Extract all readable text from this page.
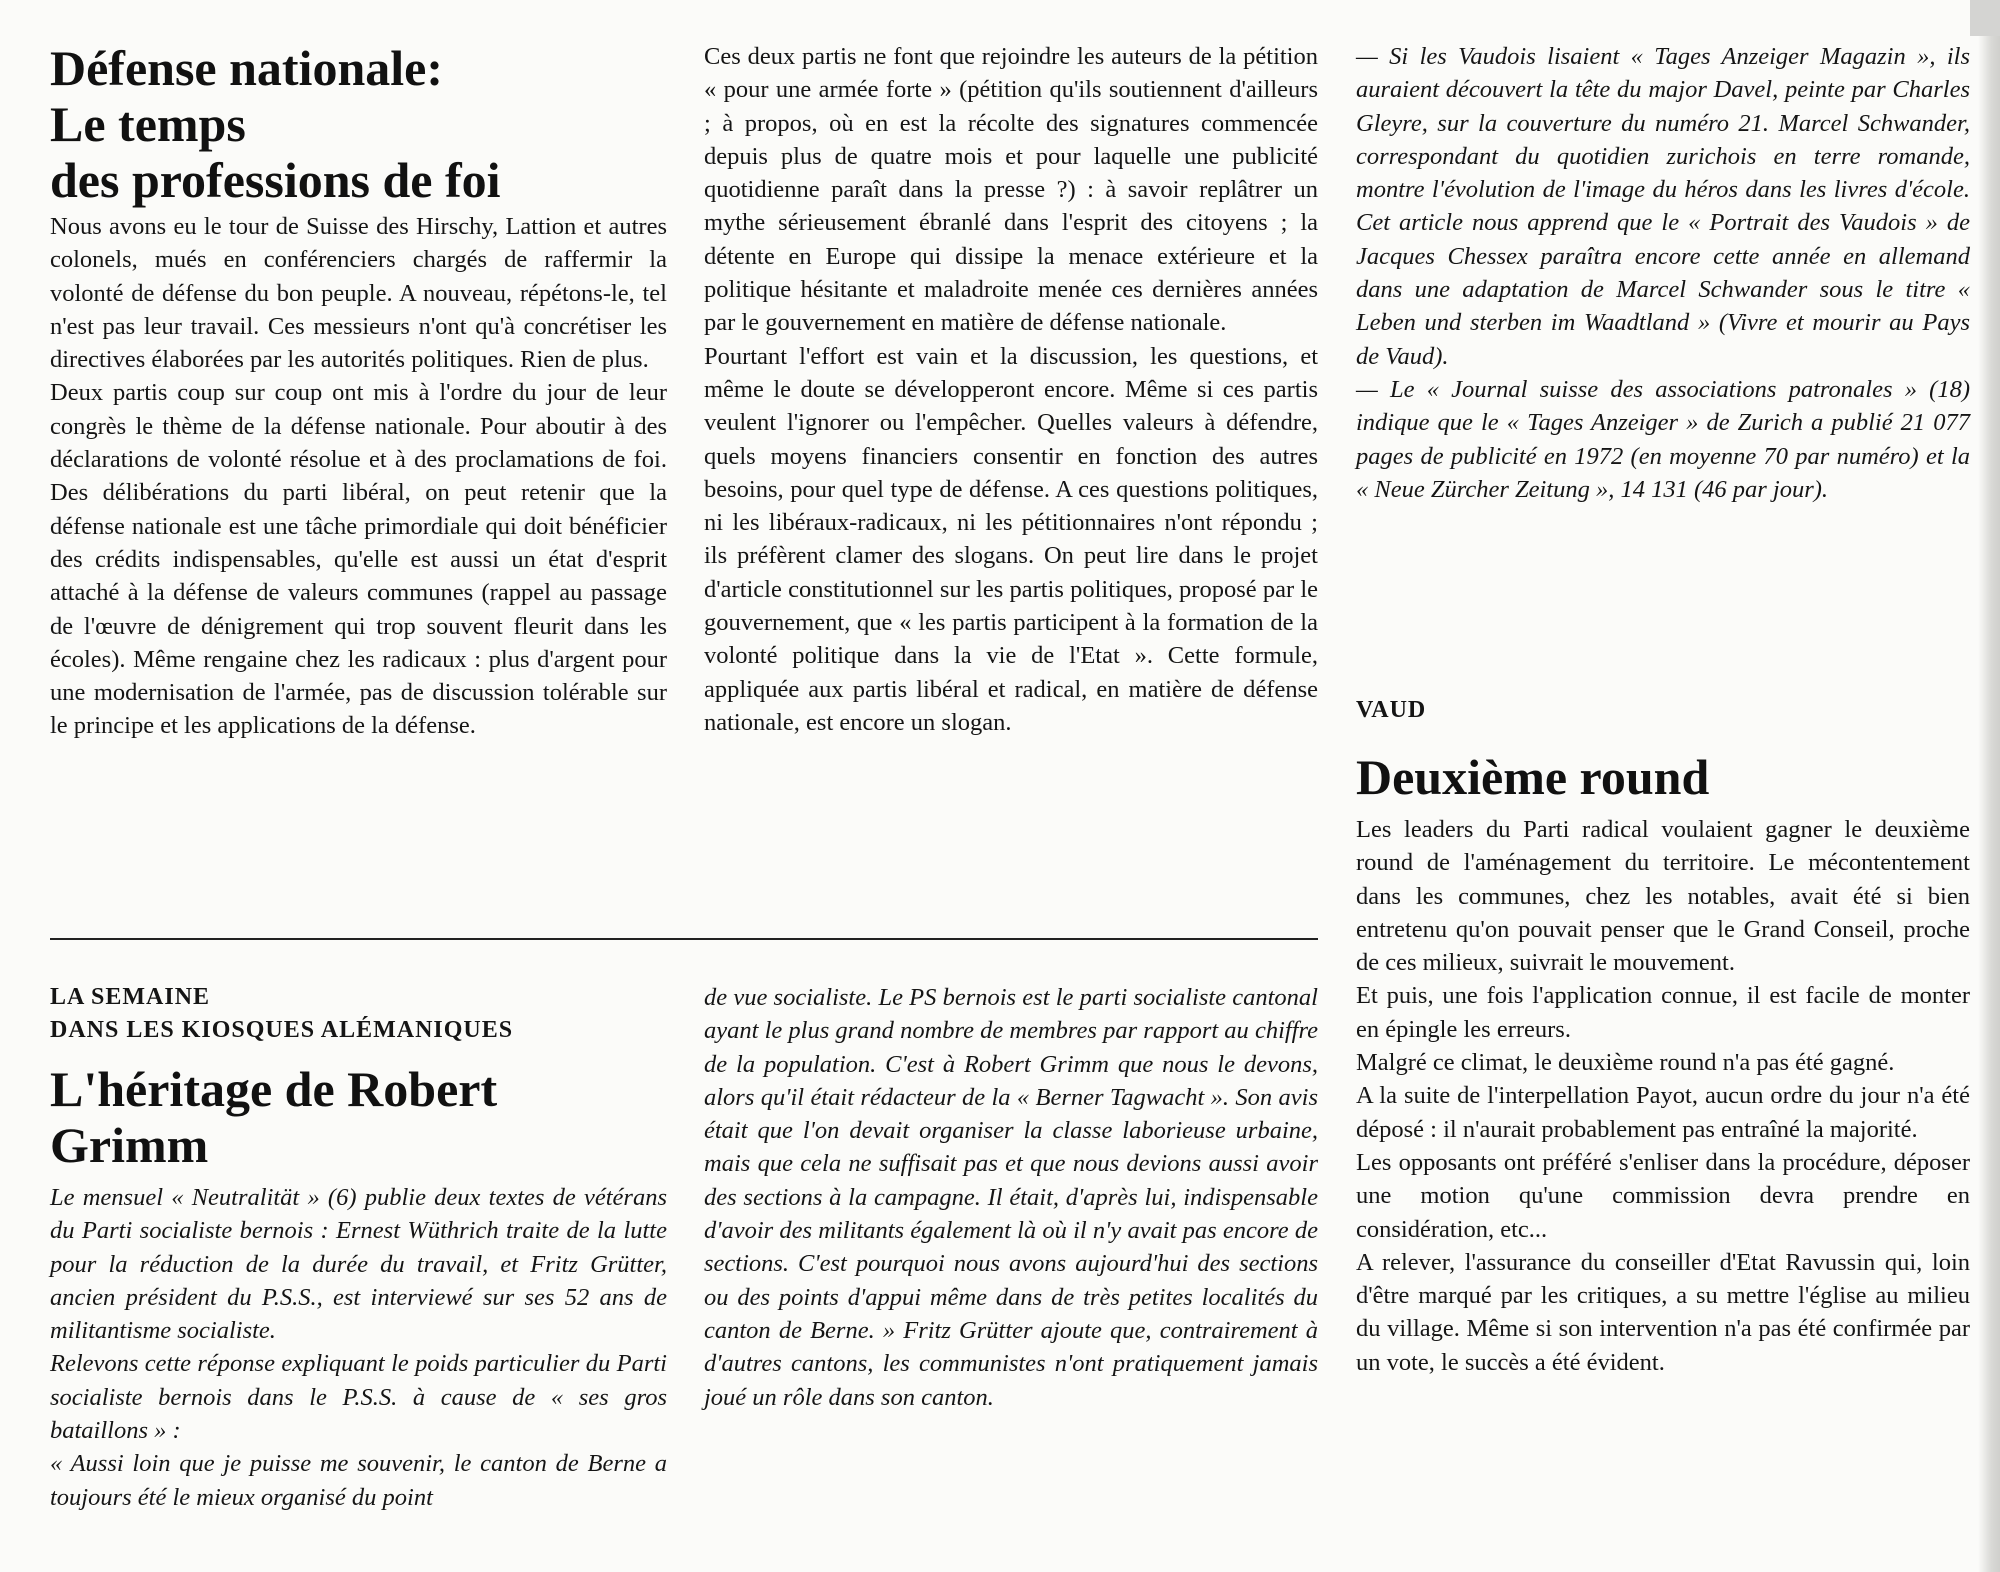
Défense nationale:
Le temps
des professions de foi

Nous avons eu le tour de Suisse des Hirschy, Lattion et autres colonels, mués en conférenciers chargés de raffermir la volonté de défense du bon peuple. A nouveau, répétons-le, tel n'est pas leur travail. Ces messieurs n'ont qu'à concrétiser les directives élaborées par les autorités politiques. Rien de plus.

Deux partis coup sur coup ont mis à l'ordre du jour de leur congrès le thème de la défense nationale. Pour aboutir à des déclarations de volonté résolue et à des proclamations de foi. Des délibérations du parti libéral, on peut retenir que la défense nationale est une tâche primordiale qui doit bénéficier des crédits indispensables, qu'elle est aussi un état d'esprit attaché à la défense de valeurs communes (rappel au passage de l'œuvre de dénigrement qui trop souvent fleurit dans les écoles). Même rengaine chez les radicaux : plus d'argent pour une modernisation de l'armée, pas de discussion tolérable sur le principe et les applications de la défense.

Ces deux partis ne font que rejoindre les auteurs de la pétition « pour une armée forte » (pétition qu'ils soutiennent d'ailleurs ; à propos, où en est la récolte des signatures commencée depuis plus de quatre mois et pour laquelle une publicité quotidienne paraît dans la presse ?) : à savoir replâtrer un mythe sérieusement ébranlé dans l'esprit des citoyens ; la détente en Europe qui dissipe la menace extérieure et la politique hésitante et maladroite menée ces dernières années par le gouvernement en matière de défense nationale.

Pourtant l'effort est vain et la discussion, les questions, et même le doute se développeront encore. Même si ces partis veulent l'ignorer ou l'empêcher. Quelles valeurs à défendre, quels moyens financiers consentir en fonction des autres besoins, pour quel type de défense. A ces questions politiques, ni les libéraux-radicaux, ni les pétitionnaires n'ont répondu ; ils préfèrent clamer des slogans. On peut lire dans le projet d'article constitutionnel sur les partis politiques, proposé par le gouvernement, que « les partis participent à la formation de la volonté politique dans la vie de l'Etat ». Cette formule, appliquée aux partis libéral et radical, en matière de défense nationale, est encore un slogan.

LA SEMAINE
DANS LES KIOSQUES ALÉMANIQUES

L'héritage de Robert Grimm

Le mensuel « Neutralität » (6) publie deux textes de vétérans du Parti socialiste bernois : Ernest Wüthrich traite de la lutte pour la réduction de la durée du travail, et Fritz Grütter, ancien président du P.S.S., est interviewé sur ses 52 ans de militantisme socialiste.

Relevons cette réponse expliquant le poids particulier du Parti socialiste bernois dans le P.S.S. à cause de « ses gros bataillons » :

« Aussi loin que je puisse me souvenir, le canton de Berne a toujours été le mieux organisé du point

de vue socialiste. Le PS bernois est le parti socialiste cantonal ayant le plus grand nombre de membres par rapport au chiffre de la population. C'est à Robert Grimm que nous le devons, alors qu'il était rédacteur de la « Berner Tagwacht ». Son avis était que l'on devait organiser la classe laborieuse urbaine, mais que cela ne suffisait pas et que nous devions aussi avoir des sections à la campagne. Il était, d'après lui, indispensable d'avoir des militants également là où il n'y avait pas encore de sections. C'est pourquoi nous avons aujourd'hui des sections ou des points d'appui même dans de très petites localités du canton de Berne. » Fritz Grütter ajoute que, contrairement à d'autres cantons, les communistes n'ont pratiquement jamais joué un rôle dans son canton.

— Si les Vaudois lisaient « Tages Anzeiger Magazin », ils auraient découvert la tête du major Davel, peinte par Charles Gleyre, sur la couverture du numéro 21. Marcel Schwander, correspondant du quotidien zurichois en terre romande, montre l'évolution de l'image du héros dans les livres d'école. Cet article nous apprend que le « Portrait des Vaudois » de Jacques Chessex paraîtra encore cette année en allemand dans une adaptation de Marcel Schwander sous le titre « Leben und sterben im Waadtland » (Vivre et mourir au Pays de Vaud).

— Le « Journal suisse des associations patronales » (18) indique que le « Tages Anzeiger » de Zurich a publié 21 077 pages de publicité en 1972 (en moyenne 70 par numéro) et la « Neue Zürcher Zeitung », 14 131 (46 par jour).

VAUD

Deuxième round

Les leaders du Parti radical voulaient gagner le deuxième round de l'aménagement du territoire. Le mécontentement dans les communes, chez les notables, avait été si bien entretenu qu'on pouvait penser que le Grand Conseil, proche de ces milieux, suivrait le mouvement.

Et puis, une fois l'application connue, il est facile de monter en épingle les erreurs.

Malgré ce climat, le deuxième round n'a pas été gagné.

A la suite de l'interpellation Payot, aucun ordre du jour n'a été déposé : il n'aurait probablement pas entraîné la majorité.

Les opposants ont préféré s'enliser dans la procédure, déposer une motion qu'une commission devra prendre en considération, etc...

A relever, l'assurance du conseiller d'Etat Ravussin qui, loin d'être marqué par les critiques, a su mettre l'église au milieu du village. Même si son intervention n'a pas été confirmée par un vote, le succès a été évident.
